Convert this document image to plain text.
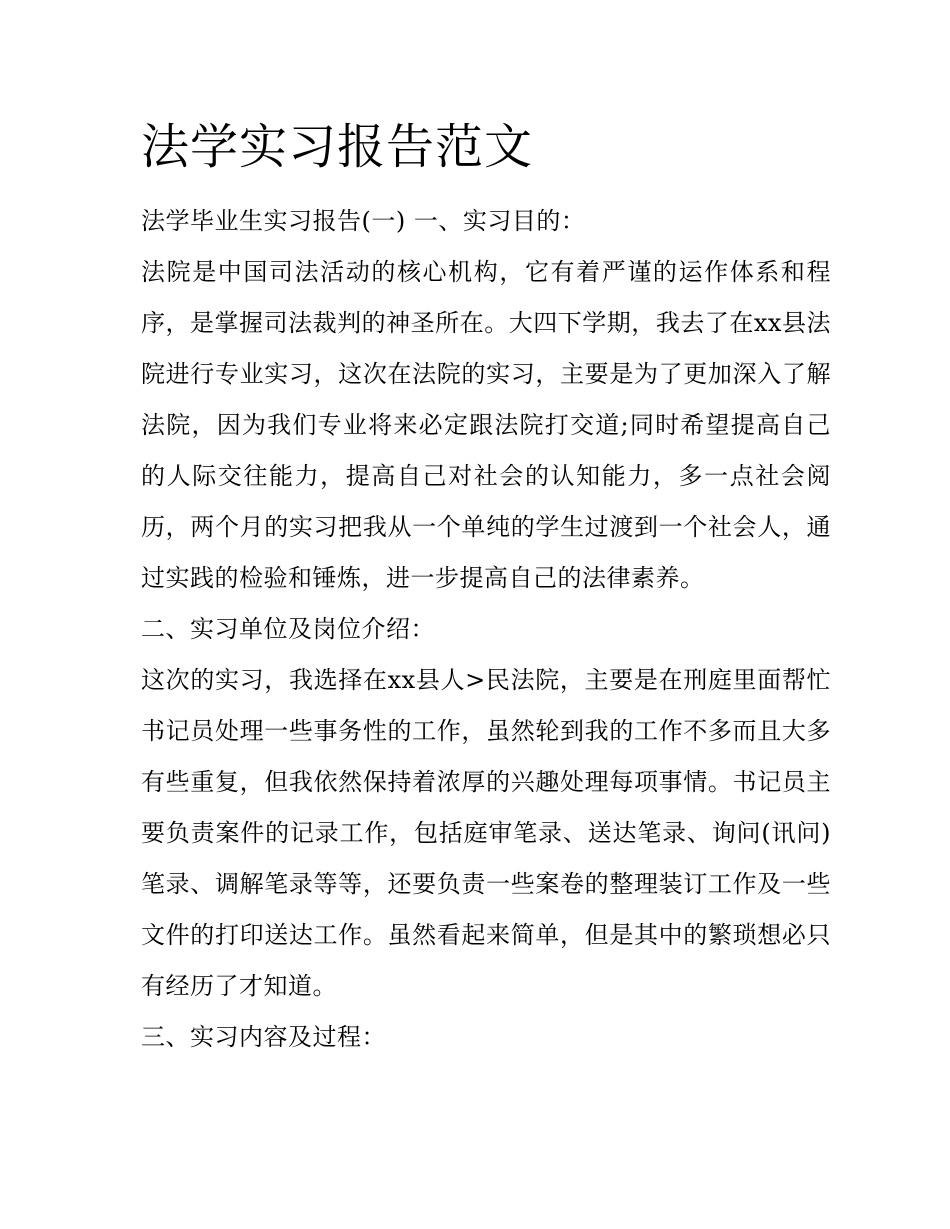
法学实习报告范文

法学毕业生实习报告(一) 一、实习目的：

法院是中国司法活动的核心机构，它有着严谨的运作体系和程序，是掌握司法裁判的神圣所在。大四下学期，我去了在xx县法院进行专业实习，这次在法院的实习，主要是为了更加深入了解法院，因为我们专业将来必定跟法院打交道;同时希望提高自己的人际交往能力，提高自己对社会的认知能力，多一点社会阅历，两个月的实习把我从一个单纯的学生过渡到一个社会人，通过实践的检验和锤炼，进一步提高自己的法律素养。

二、实习单位及岗位介绍：

这次的实习，我选择在xx县人>民法院，主要是在刑庭里面帮忙书记员处理一些事务性的工作，虽然轮到我的工作不多而且大多有些重复，但我依然保持着浓厚的兴趣处理每项事情。书记员主要负责案件的记录工作，包括庭审笔录、送达笔录、询问(讯问)笔录、调解笔录等等，还要负责一些案卷的整理装订工作及一些文件的打印送达工作。虽然看起来简单，但是其中的繁琐想必只有经历了才知道。

三、实习内容及过程：
